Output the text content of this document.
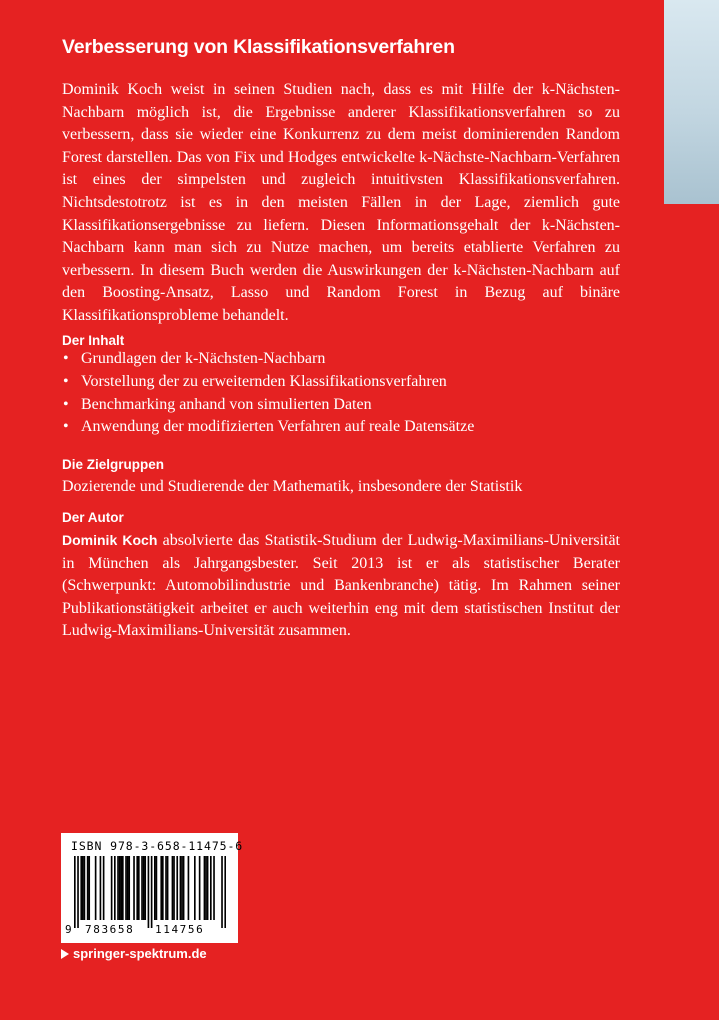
Verbesserung von Klassifikationsverfahren

Dominik Koch weist in seinen Studien nach, dass es mit Hilfe der k-Nächsten-Nachbarn möglich ist, die Ergebnisse anderer Klassifikationsverfahren so zu verbessern, dass sie wieder eine Konkurrenz zu dem meist dominierenden Random Forest darstellen. Das von Fix und Hodges entwickelte k-Nächste-Nachbarn-Verfahren ist eines der simpelsten und zugleich intuitivsten Klassifikationsverfahren. Nichtsdestotrotz ist es in den meisten Fällen in der Lage, ziemlich gute Klassifikationsergebnisse zu liefern. Diesen Informationsgehalt der k-Nächsten-Nachbarn kann man sich zu Nutze machen, um bereits etablierte Verfahren zu verbessern. In diesem Buch werden die Auswirkungen der k-Nächsten-Nachbarn auf den Boosting-Ansatz, Lasso und Random Forest in Bezug auf binäre Klassifikationsprobleme behandelt.

Der Inhalt
• Grundlagen der k-Nächsten-Nachbarn
• Vorstellung der zu erweiternden Klassifikationsverfahren
• Benchmarking anhand von simulierten Daten
• Anwendung der modifizierten Verfahren auf reale Datensätze
Die Zielgruppen

Dozierende und Studierende der Mathematik, insbesondere der Statistik

Der Autor

Dominik Koch absolvierte das Statistik-Studium der Ludwig-Maximilians-Universität in München als Jahrgangsbester. Seit 2013 ist er als statistischer Berater (Schwerpunkt: Automobilindustrie und Bankenbranche) tätig. Im Rahmen seiner Publikationstätigkeit arbeitet er auch weiterhin eng mit dem statistischen Institut der Ludwig-Maximilians-Universität zusammen.

ISBN 978-3-658-11475-6

9 783658 114756
springer-spektrum.de
